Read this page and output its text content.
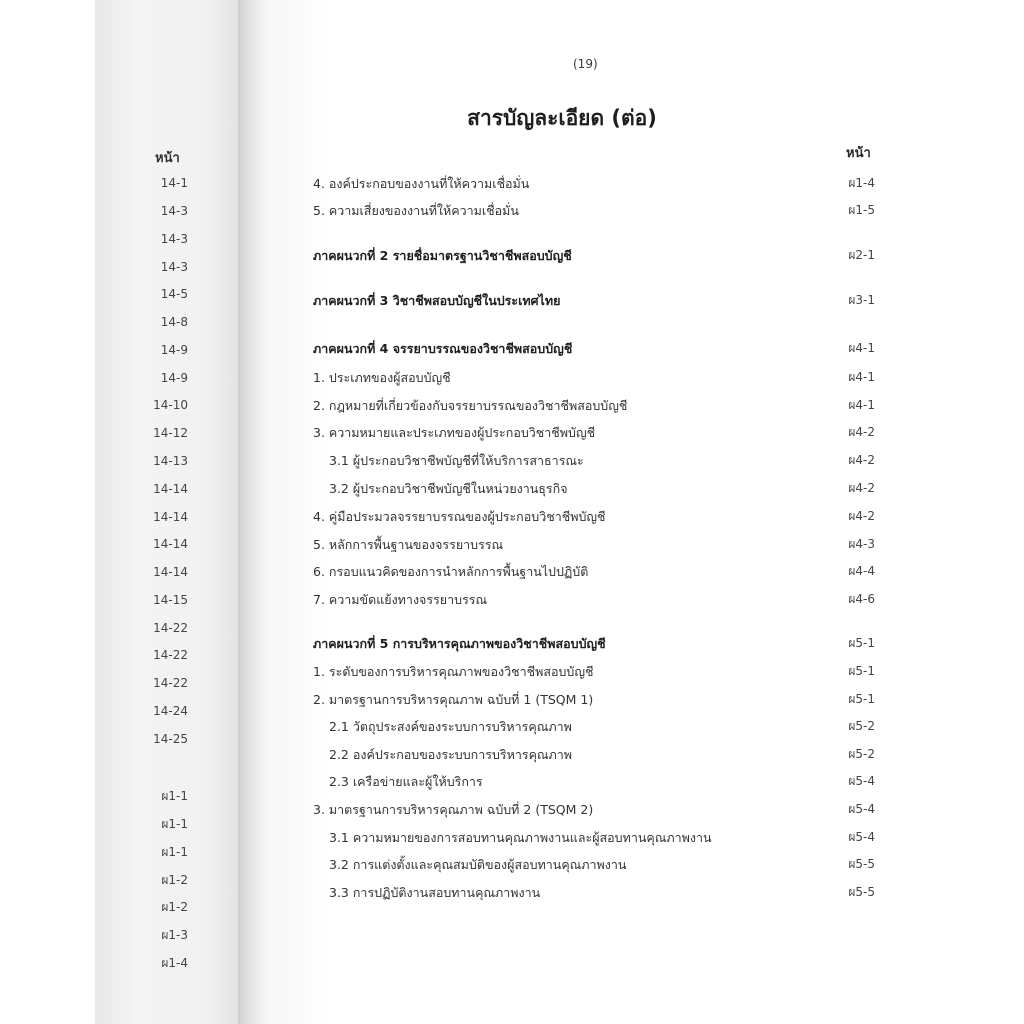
(19)
สารบัญละเอียด (ต่อ)
หน้า
หน้า
14-1
14-3
14-3
14-3
14-5
14-8
14-9
14-9
14-10
14-12
14-13
14-14
14-14
14-14
14-14
14-15
14-22
14-22
14-22
14-24
14-25
ผ1-1
ผ1-1
ผ1-1
ผ1-2
ผ1-2
ผ1-3
ผ1-4
4. องค์ประกอบของงานที่ให้ความเชื่อมั่น	ผ1-4
5. ความเสี่ยงของงานที่ให้ความเชื่อมั่น	ผ1-5
ภาคผนวกที่ 2 รายชื่อมาตรฐานวิชาชีพสอบบัญชี	ผ2-1
ภาคผนวกที่ 3 วิชาชีพสอบบัญชีในประเทศไทย	ผ3-1
ภาคผนวกที่ 4 จรรยาบรรณของวิชาชีพสอบบัญชี	ผ4-1
1. ประเภทของผู้สอบบัญชี	ผ4-1
2. กฎหมายที่เกี่ยวข้องกับจรรยาบรรณของวิชาชีพสอบบัญชี	ผ4-1
3. ความหมายและประเภทของผู้ประกอบวิชาชีพบัญชี	ผ4-2
3.1 ผู้ประกอบวิชาชีพบัญชีที่ให้บริการสาธารณะ	ผ4-2
3.2 ผู้ประกอบวิชาชีพบัญชีในหน่วยงานธุรกิจ	ผ4-2
4. คู่มือประมวลจรรยาบรรณของผู้ประกอบวิชาชีพบัญชี	ผ4-2
5. หลักการพื้นฐานของจรรยาบรรณ	ผ4-3
6. กรอบแนวคิดของการนำหลักการพื้นฐานไปปฏิบัติ	ผ4-4
7. ความขัดแย้งทางจรรยาบรรณ	ผ4-6
ภาคผนวกที่ 5 การบริหารคุณภาพของวิชาชีพสอบบัญชี	ผ5-1
1. ระดับของการบริหารคุณภาพของวิชาชีพสอบบัญชี	ผ5-1
2. มาตรฐานการบริหารคุณภาพ ฉบับที่ 1 (TSQM 1)	ผ5-1
2.1 วัตถุประสงค์ของระบบการบริหารคุณภาพ	ผ5-2
2.2 องค์ประกอบของระบบการบริหารคุณภาพ	ผ5-2
2.3 เครือข่ายและผู้ให้บริการ	ผ5-4
3. มาตรฐานการบริหารคุณภาพ ฉบับที่ 2 (TSQM 2)	ผ5-4
3.1 ความหมายของการสอบทานคุณภาพงานและผู้สอบทานคุณภาพงาน	ผ5-4
3.2 การแต่งตั้งและคุณสมบัติของผู้สอบทานคุณภาพงาน	ผ5-5
3.3 การปฏิบัติงานสอบทานคุณภาพงาน	ผ5-5
